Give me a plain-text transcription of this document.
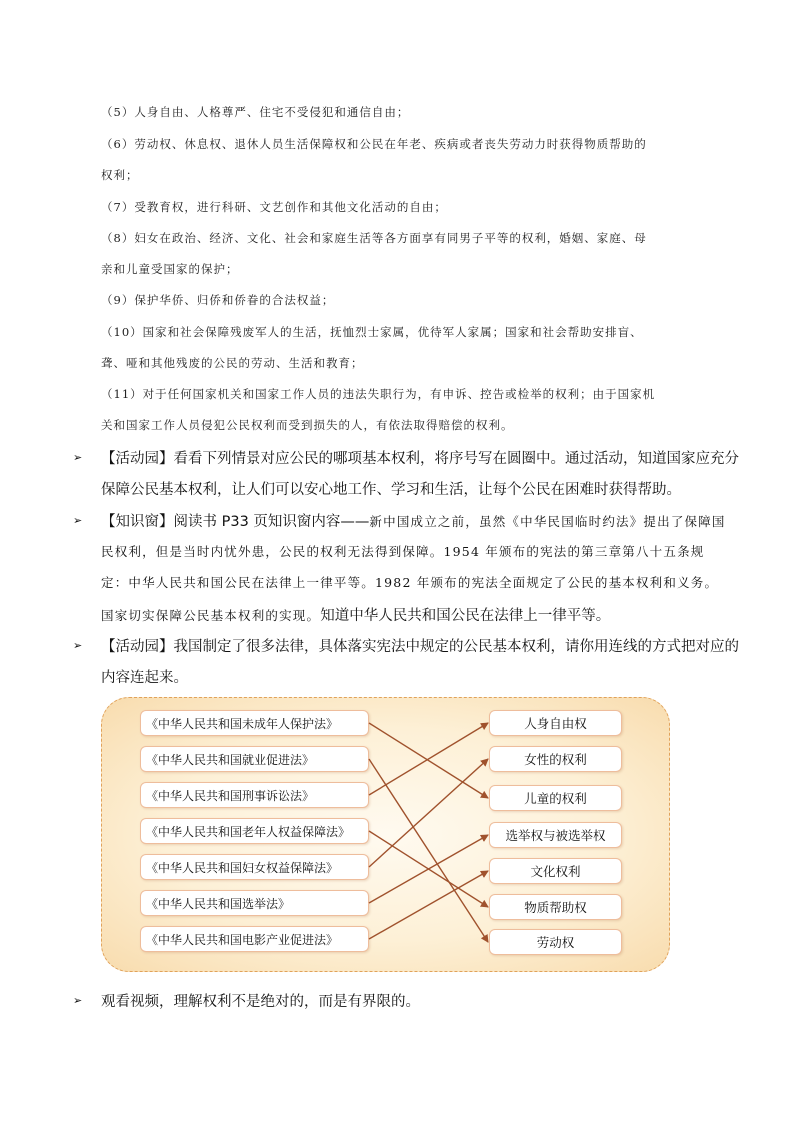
（5）人身自由、人格尊严、住宅不受侵犯和通信自由；
（6）劳动权、休息权、退休人员生活保障权和公民在年老、疾病或者丧失劳动力时获得物质帮助的
权利；
（7）受教育权，进行科研、文艺创作和其他文化活动的自由；
（8）妇女在政治、经济、文化、社会和家庭生活等各方面享有同男子平等的权利，婚姻、家庭、母
亲和儿童受国家的保护；
（9）保护华侨、归侨和侨眷的合法权益；
（10）国家和社会保障残废军人的生活，抚恤烈士家属，优待军人家属；国家和社会帮助安排盲、
聋、哑和其他残废的公民的劳动、生活和教育；
（11）对于任何国家机关和国家工作人员的违法失职行为，有申诉、控告或检举的权利；由于国家机
关和国家工作人员侵犯公民权利而受到损失的人，有依法取得赔偿的权利。
➢ 【活动园】看看下列情景对应公民的哪项基本权利，将序号写在圆圈中。通过活动，知道国家应充分
保障公民基本权利，让人们可以安心地工作、学习和生活，让每个公民在困难时获得帮助。
➢ 【知识窗】阅读书 P33 页知识窗内容——新中国成立之前，虽然《中华民国临时约法》提出了保障国
民权利，但是当时内忧外患，公民的权利无法得到保障。1954 年颁布的宪法的第三章第八十五条规
定：中华人民共和国公民在法律上一律平等。1982 年颁布的宪法全面规定了公民的基本权利和义务。
国家切实保障公民基本权利的实现。知道中华人民共和国公民在法律上一律平等。
➢ 【活动园】我国制定了很多法律，具体落实宪法中规定的公民基本权利，请你用连线的方式把对应的
内容连起来。
《中华人民共和国未成年人保护法》
《中华人民共和国就业促进法》
《中华人民共和国刑事诉讼法》
《中华人民共和国老年人权益保障法》
《中华人民共和国妇女权益保障法》
《中华人民共和国选举法》
《中华人民共和国电影产业促进法》
人身自由权
女性的权利
儿童的权利
选举权与被选举权
文化权利
物质帮助权
劳动权
➢ 观看视频，理解权利不是绝对的，而是有界限的。
